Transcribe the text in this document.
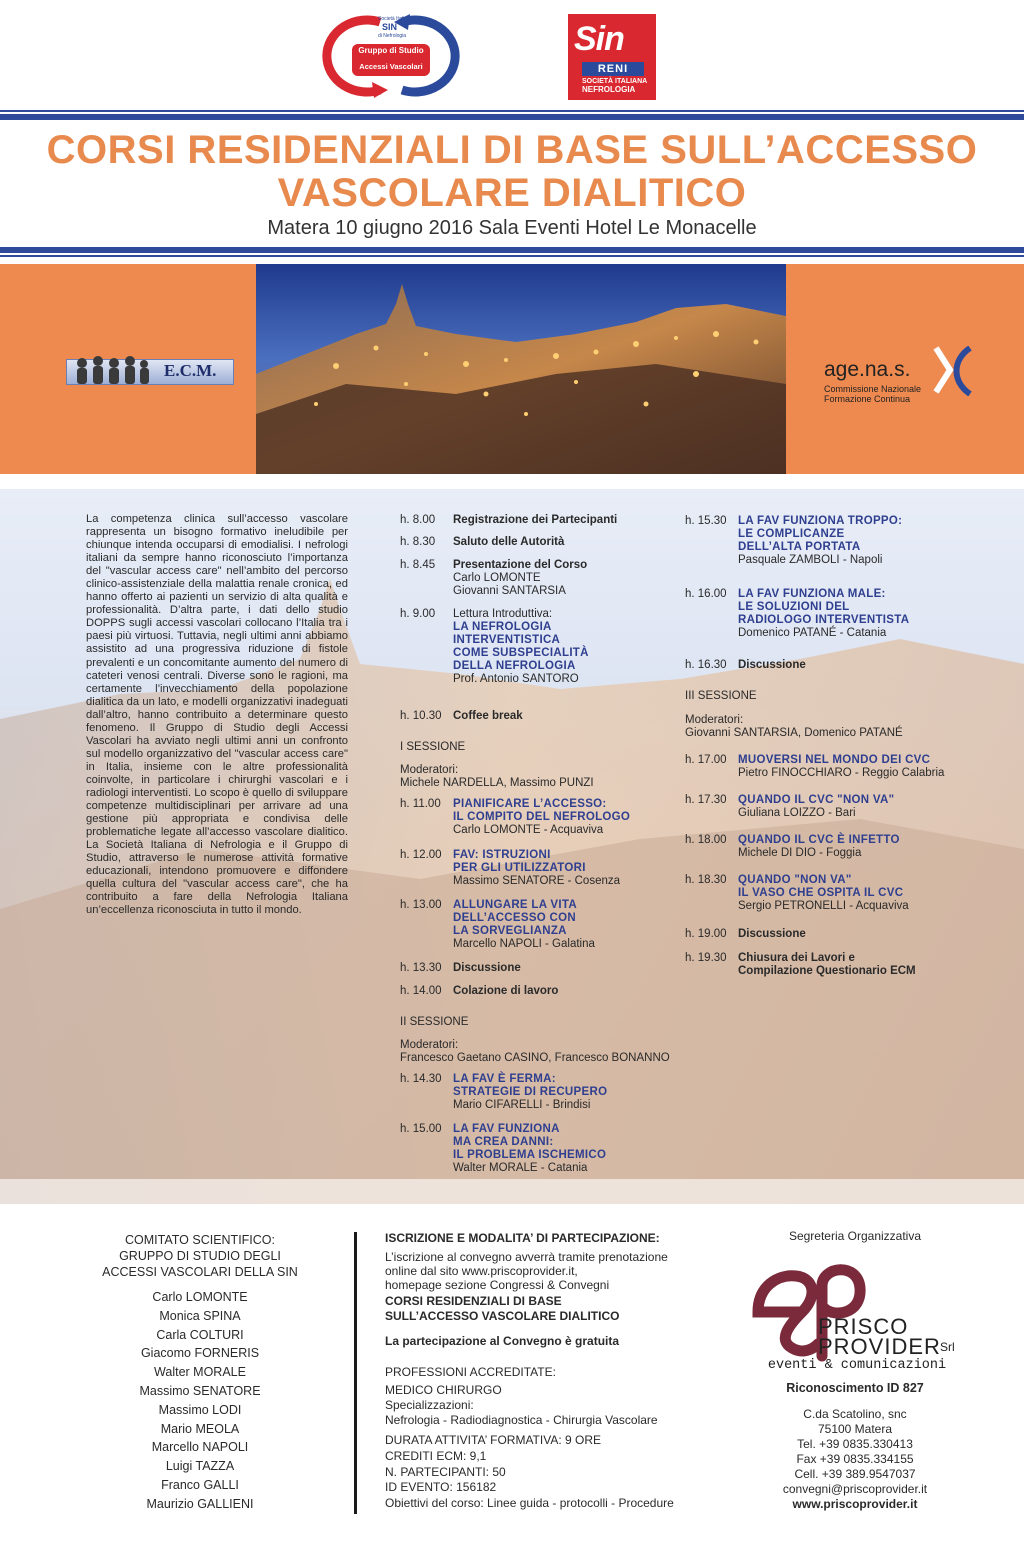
Società Italiana
SIN
di Nefrologia
Gruppo di Studio
Accessi Vascolari
Sin
RENI
SOCIETÀ ITALIANA
NEFROLOGIA
CORSI RESIDENZIALI DI BASE SULL’ACCESSO
VASCOLARE DIALITICO
Matera 10 giugno 2016 Sala Eventi Hotel Le Monacelle
E.C.M.	age.na.s.
Commissione Nazionale
Formazione Continua
La competenza clinica sull’accesso vascolare rappresenta un bisogno formativo ineludibile per chiunque intenda occuparsi di emodialisi. I nefrologi italiani da sempre hanno riconosciuto l’importanza del "vascular access care" nell’ambito del percorso clinico-assistenziale della malattia renale cronica, ed hanno offerto ai pazienti un servizio di alta qualità e professionalità. D’altra parte, i dati dello studio DOPPS sugli accessi vascolari collocano l’Italia tra i paesi più virtuosi. Tuttavia, negli ultimi anni abbiamo assistito ad una progressiva riduzione di fistole prevalenti e un concomitante aumento del numero di cateteri venosi centrali. Diverse sono le ragioni, ma certamente l’invecchiamento della popolazione dialitica da un lato, e modelli organizzativi inadeguati dall’altro, hanno contribuito a determinare questo fenomeno. Il Gruppo di Studio degli Accessi Vascolari ha avviato negli ultimi anni un confronto sul modello organizzativo del "vascular access care" in Italia, insieme con le altre professionalità coinvolte, in particolare i chirurghi vascolari e i radiologi interventisti. Lo scopo è quello di sviluppare competenze multidisciplinari per arrivare ad una gestione più appropriata e condivisa delle problematiche legate all’accesso vascolare dialitico. La Società Italiana di Nefrologia e il Gruppo di Studio, attraverso le numerose attività formative educazionali, intendono promuovere e diffondere quella cultura del "vascular access care", che ha contribuito a fare della Nefrologia Italiana un’eccellenza riconosciuta in tutto il mondo.
I SESSIONE
Moderatori:
Michele NARDELLA, Massimo PUNZI
II SESSIONE
Moderatori:
Francesco Gaetano CASINO, Francesco BONANNO
III SESSIONE
Moderatori:
Giovanni SANTARSIA, Domenico PATANÉ
COMITATO SCIENTIFICO:
GRUPPO DI STUDIO DEGLI
ACCESSI VASCOLARI DELLA SIN
Carlo LOMONTE
Monica SPINA
Carla COLTURI
Giacomo FORNERIS
Walter MORALE
Massimo SENATORE
Massimo LODI
Mario MEOLA
Marcello NAPOLI
Luigi TAZZA
Franco GALLI
Maurizio GALLIENI
ISCRIZIONE E MODALITA’ DI PARTECIPAZIONE:
L’iscrizione al convegno avverrà tramite prenotazione
online dal sito www.priscoprovider.it,
homepage sezione Congressi & Convegni
CORSI RESIDENZIALI DI BASE
SULL’ACCESSO VASCOLARE DIALITICO
La partecipazione al Convegno è gratuita
PROFESSIONI ACCREDITATE:
MEDICO CHIRURGO
Specializzazioni:
Nefrologia - Radiodiagnostica - Chirurgia Vascolare
DURATA ATTIVITA’ FORMATIVA: 9 ORE
CREDITI ECM: 9,1
N. PARTECIPANTI: 50
ID EVENTO: 156182
Obiettivi del corso: Linee guida - protocolli - Procedure
Segreteria Organizzativa
PRISCO
PROVIDER Srl
eventi & comunicazioni
Riconoscimento ID 827
C.da Scatolino, snc
75100 Matera
Tel. +39 0835.330413
Fax +39 0835.334155
Cell. +39 389.9547037
convegni@priscoprovider.it
www.priscoprovider.it
h. 8.00 Registrazione dei Partecipanti
h. 8.30 Saluto delle Autorità
h. 8.45 Presentazione del Corso
Carlo LOMONTE
Giovanni SANTARSIA
h. 9.00 Lettura Introduttiva:
LA NEFROLOGIA
INTERVENTISTICA
COME SUBSPECIALITÀ
DELLA NEFROLOGIA
Prof. Antonio SANTORO
h. 10.30 Coffee break
h. 11.00 PIANIFICARE L’ACCESSO:
IL COMPITO DEL NEFROLOGO
Carlo LOMONTE - Acquaviva
h. 12.00 FAV: ISTRUZIONI
PER GLI UTILIZZATORI
Massimo SENATORE - Cosenza
h. 13.00 ALLUNGARE LA VITA
DELL’ACCESSO CON
LA SORVEGLIANZA
Marcello NAPOLI - Galatina
h. 13.30 Discussione
h. 14.00 Colazione di lavoro
h. 14.30 LA FAV È FERMA:
STRATEGIE DI RECUPERO
Mario CIFARELLI - Brindisi
h. 15.00 LA FAV FUNZIONA
MA CREA DANNI:
IL PROBLEMA ISCHEMICO
Walter MORALE - Catania
h. 15.30 LA FAV FUNZIONA TROPPO:
LE COMPLICANZE
DELL’ALTA PORTATA
Pasquale ZAMBOLI - Napoli
h. 16.00 LA FAV FUNZIONA MALE:
LE SOLUZIONI DEL
RADIOLOGO INTERVENTISTA
Domenico PATANÉ - Catania
h. 16.30 Discussione
h. 17.00 MUOVERSI NEL MONDO DEI CVC
Pietro FINOCCHIARO - Reggio Calabria
h. 17.30 QUANDO IL CVC "NON VA"
Giuliana LOIZZO - Bari
h. 18.00 QUANDO IL CVC È INFETTO
Michele DI DIO - Foggia
h. 18.30 QUANDO "NON VA"
IL VASO CHE OSPITA IL CVC
Sergio PETRONELLI - Acquaviva
h. 19.00 Discussione
h. 19.30 Chiusura dei Lavori e
Compilazione Questionario ECM
